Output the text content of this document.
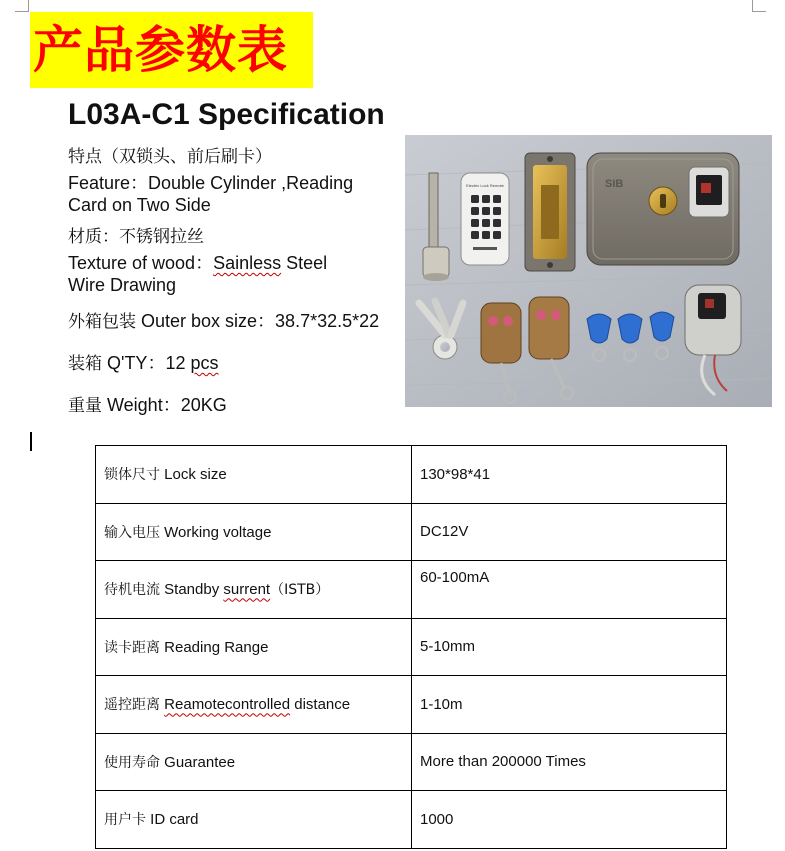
产品参数表
L03A-C1 Specification
特点（双锁头、前后刷卡）
Feature：Double Cylinder ,Reading
Card on Two Side
材质：不锈钢拉丝
Texture of wood：Sainless Steel
Wire Drawing
外箱包装 Outer box size：38.7*32.5*22
装箱 Q'TY：12 pcs
重量 Weight：20KG
Electric Lock Remote	SIB
锁体尺寸 Lock size	130*98*41
输入电压 Working voltage	DC12V
待机电流 Standby surrent（ISTB）	60-100mA
读卡距离 Reading Range	5-10mm
遥控距离 Reamotecontrolled distance	1-10m
使用寿命 Guarantee	More than 200000 Times
用户卡 ID card	1000
